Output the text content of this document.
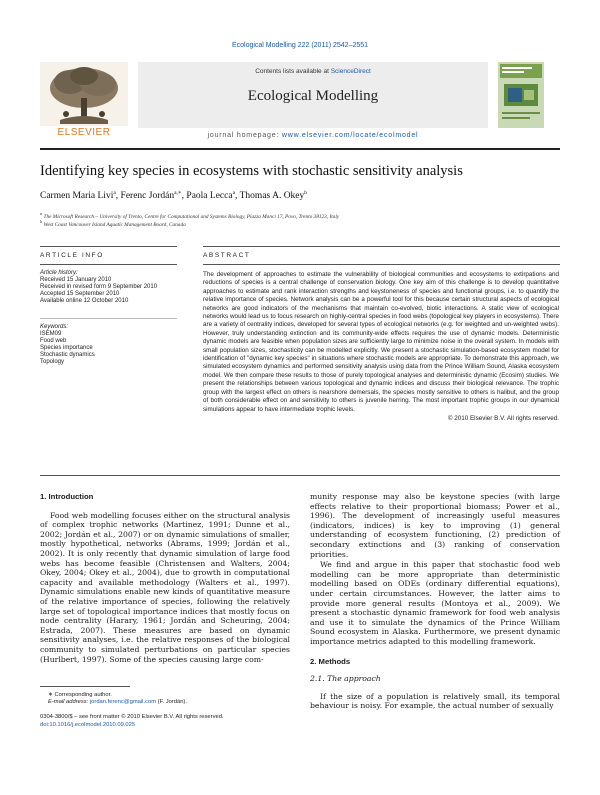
Ecological Modelling 222 (2011) 2542–2551
ELSEVIER
Contents lists available at ScienceDirect
Ecological Modelling
journal homepage: www.elsevier.com/locate/ecolmodel
Identifying key species in ecosystems with stochastic sensitivity analysis
Carmen Maria Livi$^a$, Ferenc Jordán$^{a,∗}$, Paola Lecca$^a$, Thomas A. Okey$^b$
$^a$ The Microsoft Research – University of Trento, Centre for Computational and Systems Biology, Piazza Manci 17, Povo, Trento 38123, Italy
$^b$ West Coast Vancouver Island Aquatic Management Board, Canada
ARTICLE INFO
Article history:
Received 15 January 2010
Received in revised form 9 September 2010
Accepted 15 September 2010
Available online 12 October 2010
Keywords:
ISEM09
Food web
Species importance
Stochastic dynamics
Topology
ABSTRACT
The development of approaches to estimate the vulnerability of biological communities and ecosystems to extirpations and reductions of species is a central challenge of conservation biology. One key aim of this challenge is to develop quantitative approaches to estimate and rank interaction strengths and keystoneness of species and functional groups, i.e. to quantify the relative importance of species. Network analysis can be a powerful tool for this because certain structural aspects of ecological networks are good indicators of the mechanisms that maintain co-evolved, biotic interactions. A static view of ecological networks would lead us to focus research on highly-central species in food webs (topological key players in ecosystems). There are a variety of centrality indices, developed for several types of ecological networks (e.g. for weighted and un-weighted webs). However, truly understanding extinction and its community-wide effects requires the use of dynamic models. Deterministic dynamic models are feasible when population sizes are sufficiently large to minimize noise in the overall system. In models with small population sizes, stochasticity can be modelled explicitly. We present a stochastic simulation-based ecosystem model for identification of "dynamic key species" in situations where stochastic models are appropriate. To demonstrate this approach, we simulated ecosystem dynamics and performed sensitivity analysis using data from the Prince William Sound, Alaska ecosystem model. We then compare these results to those of purely topological analyses and deterministic dynamic (Ecosim) studies. We present the relationships between various topological and dynamic indices and discuss their biological relevance. The trophic group with the largest effect on others is nearshore demersals, the species mostly sensitive to others is halibut, and the group of both considerable effect on and sensitivity to others is juvenile herring. The most important trophic groups in our dynamical simulations appear to have intermediate trophic levels.
© 2010 Elsevier B.V. All rights reserved.

1. Introduction

Food web modelling focuses either on the structural analysis of complex trophic networks (Martinez, 1991; Dunne et al., 2002; Jordán et al., 2007) or on dynamic simulations of smaller, mostly hypothetical, networks (Abrams, 1999; Jordán et al., 2002). It is only recently that dynamic simulation of large food webs has become feasible (Christensen and Walters, 2004; Okey, 2004; Okey et al., 2004), due to growth in computational capacity and available methodology (Walters et al., 1997). Dynamic simulations enable new kinds of quantitative measure of the relative importance of species, following the relatively large set of topological importance indices that mostly focus on node centrality (Harary, 1961; Jordán and Scheuring, 2004; Estrada, 2007). These measures are based on dynamic sensitivity analyses, i.e. the relative responses of the biological community to simulated perturbations on particular species (Hurlbert, 1997). Some of the species causing large com-

munity response may also be keystone species (with large effects relative to their proportional biomass; Power et al., 1996). The development of increasingly useful measures (indicators, indices) is key to improving (1) general understanding of ecosystem functioning, (2) prediction of secondary extinctions and (3) ranking of conservation priorities.

We find and argue in this paper that stochastic food web modelling can be more appropriate than deterministic modelling based on ODEs (ordinary differential equations), under certain circumstances. However, the latter aims to provide more general results (Montoya et al., 2009). We present a stochastic dynamic framework for food web analysis and use it to simulate the dynamics of the Prince William Sound ecosystem in Alaska. Furthermore, we present dynamic importance metrics adapted to this modelling framework.

2. Methods

2.1. The approach

If the size of a population is relatively small, its temporal behaviour is noisy. For example, the actual number of sexually

∗ Corresponding author.
E-mail address: jordan.ferenc@gmail.com (F. Jordán).
0304-3800/$ – see front matter © 2010 Elsevier B.V. All rights reserved.
doi:10.1016/j.ecolmodel.2010.09.025
